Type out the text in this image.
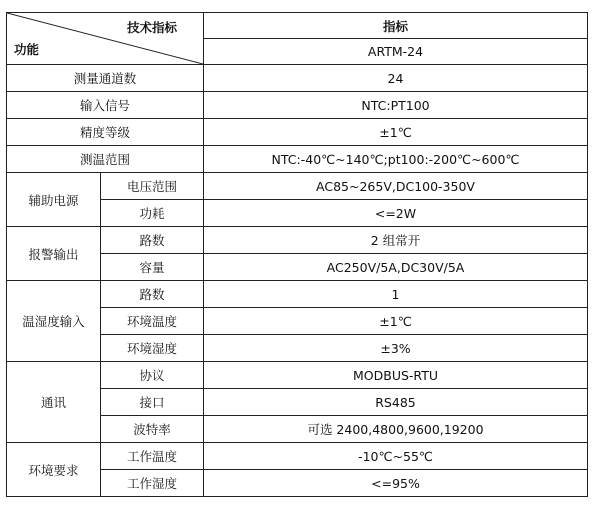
技术指标
功能		指标
		ARTM-24
测量通道数		24
输入信号		NTC:PT100
精度等级		±1℃
测温范围		NTC:-40℃~140℃;pt100:-200℃~600℃
辅助电源	电压范围	AC85~265V,DC100-350V
	功耗	<=2W
报警输出	路数	2 组常开
	容量	AC250V/5A,DC30V/5A
温湿度输入	路数	1
	环境温度	±1℃
	环境湿度	±3%
通讯	协议	MODBUS-RTU
	接口	RS485
	波特率	可选 2400,4800,9600,19200
环境要求	工作温度	-10℃~55℃
	工作湿度	<=95%
